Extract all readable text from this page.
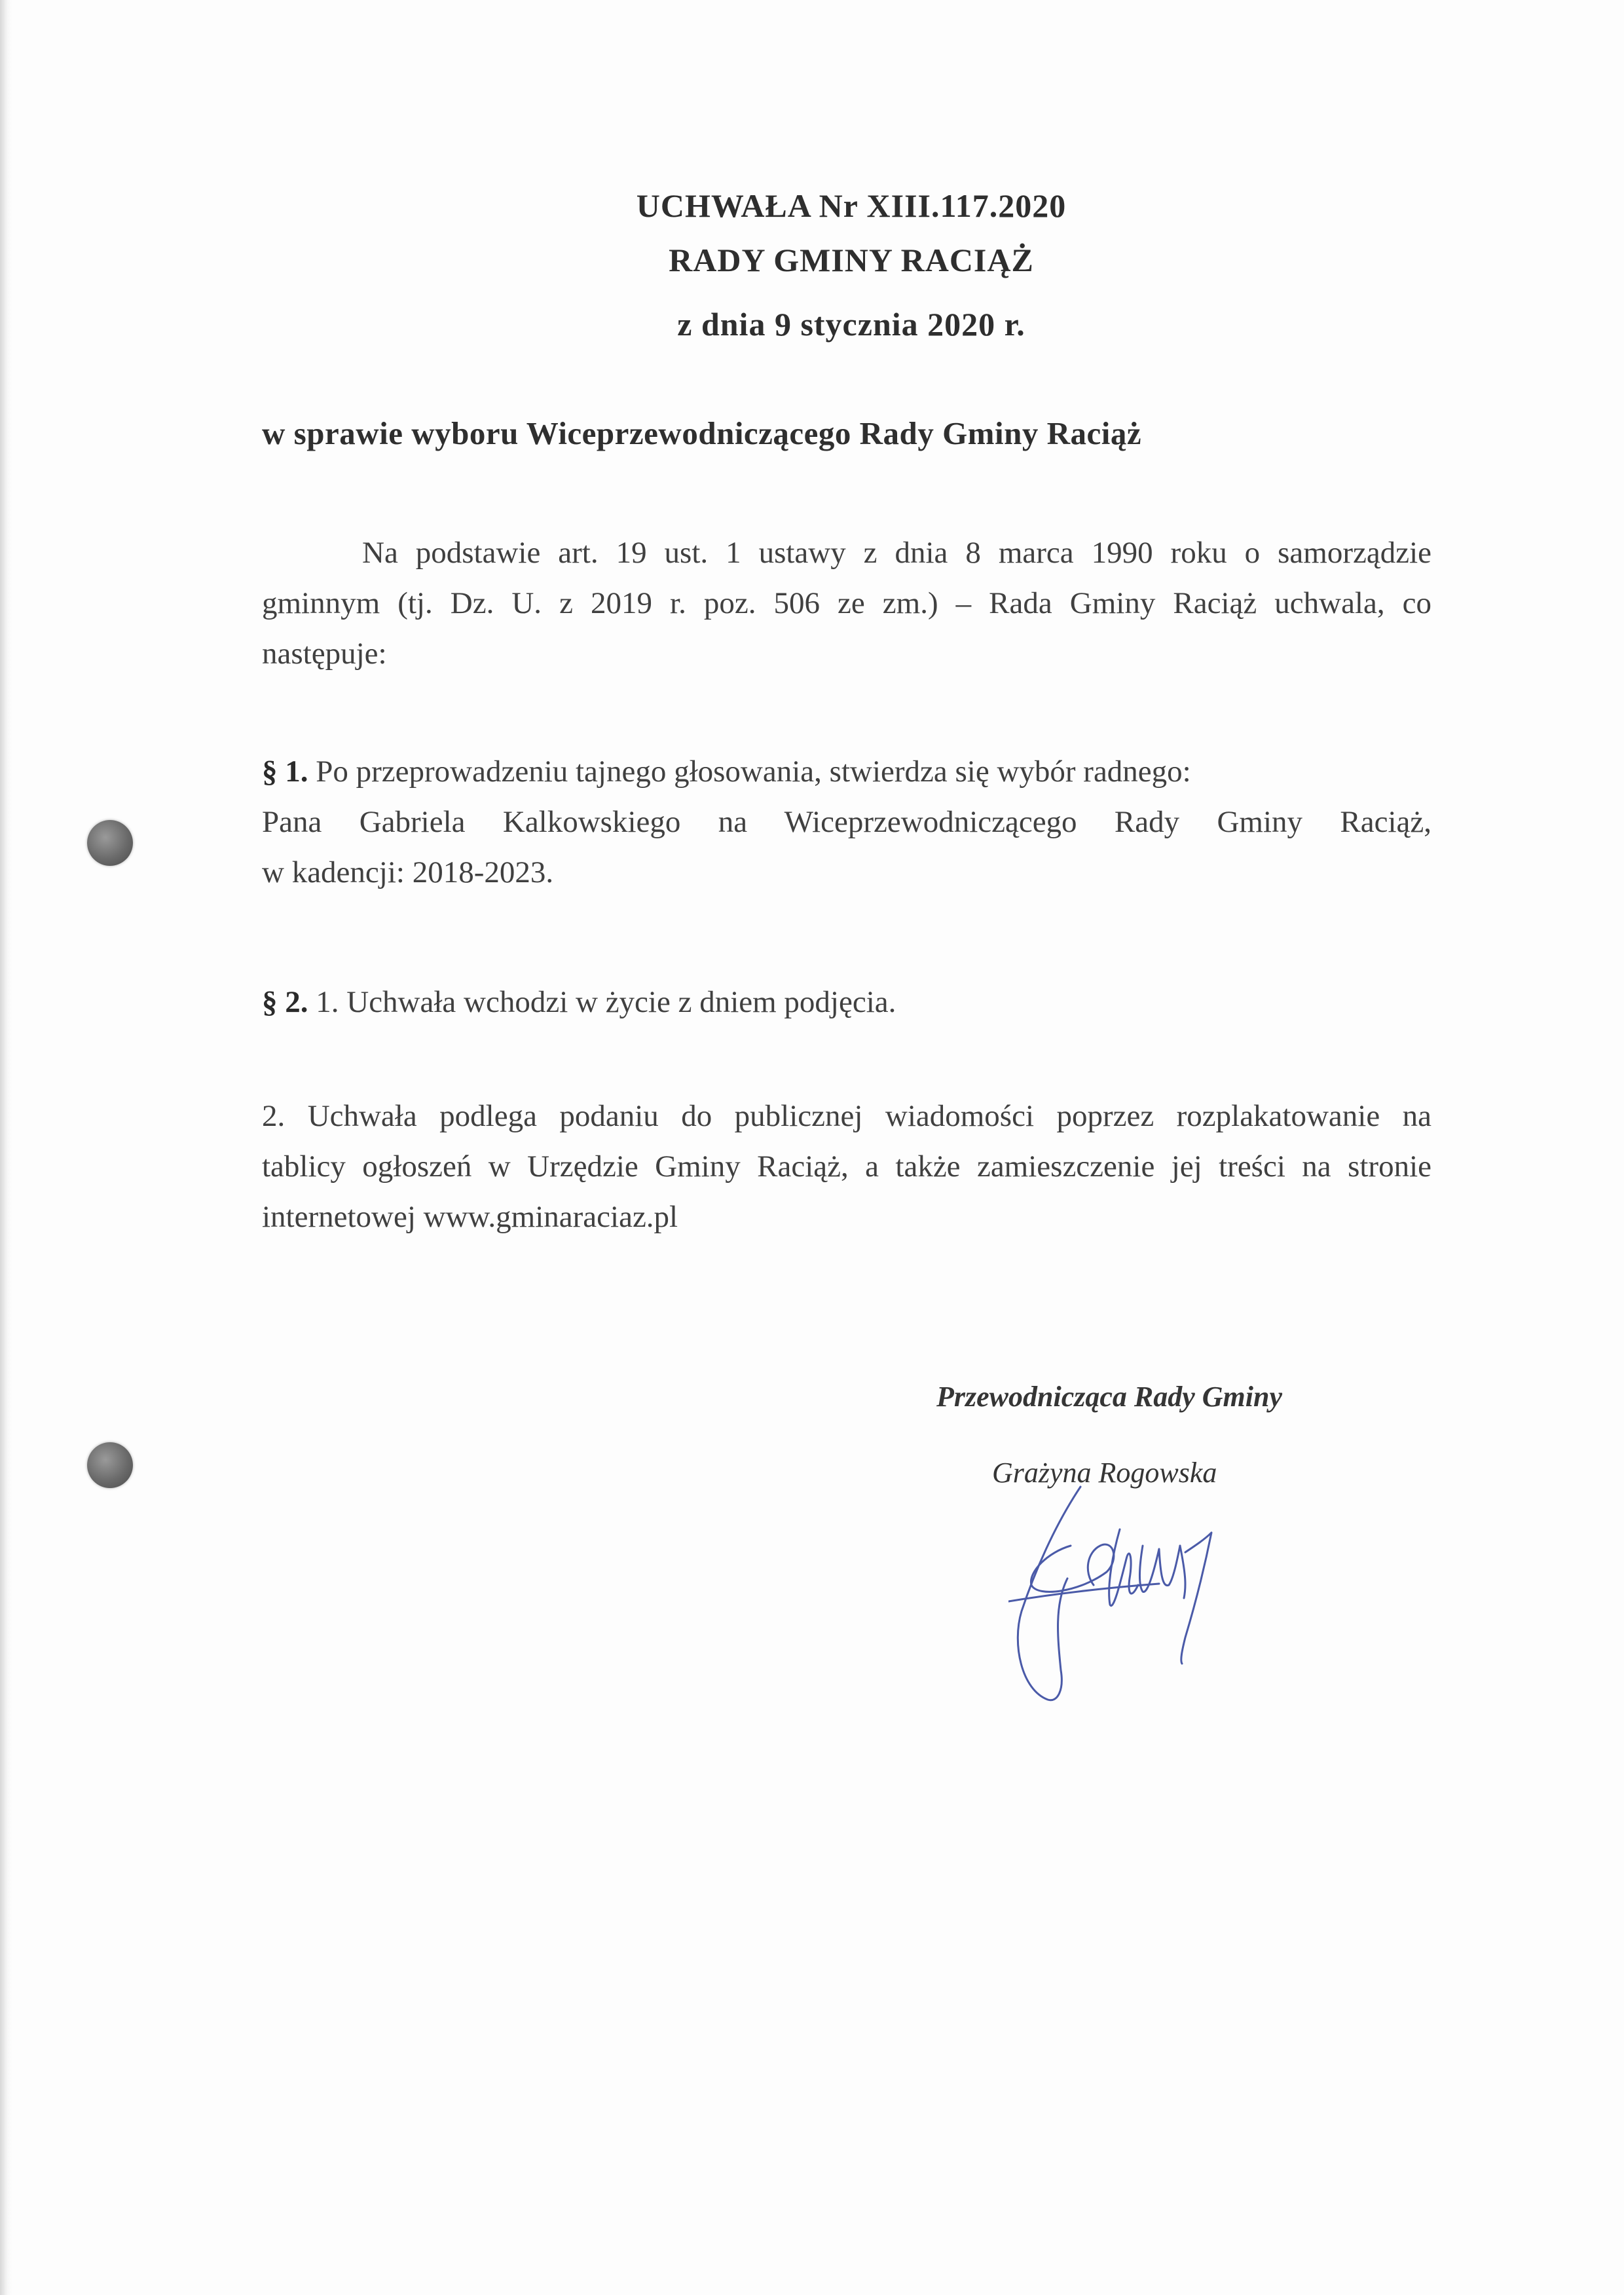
UCHWAŁA Nr XIII.117.2020
RADY GMINY RACIĄŻ
z dnia 9 stycznia 2020 r.
w sprawie wyboru Wiceprzewodniczącego Rady Gminy Raciąż
Na podstawie art. 19 ust. 1 ustawy z dnia 8 marca 1990 roku o samorządzie
gminnym (tj. Dz. U. z 2019 r. poz. 506 ze zm.) – Rada Gminy Raciąż uchwala, co
następuje:
§ 1. Po przeprowadzeniu tajnego głosowania, stwierdza się wybór radnego:
Pana Gabriela Kalkowskiego na Wiceprzewodniczącego Rady Gminy Raciąż,
w kadencji: 2018-2023.
§ 2. 1. Uchwała wchodzi w życie z dniem podjęcia.
2. Uchwała podlega podaniu do publicznej wiadomości poprzez rozplakatowanie na
tablicy ogłoszeń w Urzędzie Gminy Raciąż, a także zamieszczenie jej treści na stronie
internetowej www.gminaraciaz.pl
Przewodnicząca Rady Gminy
Grażyna Rogowska
